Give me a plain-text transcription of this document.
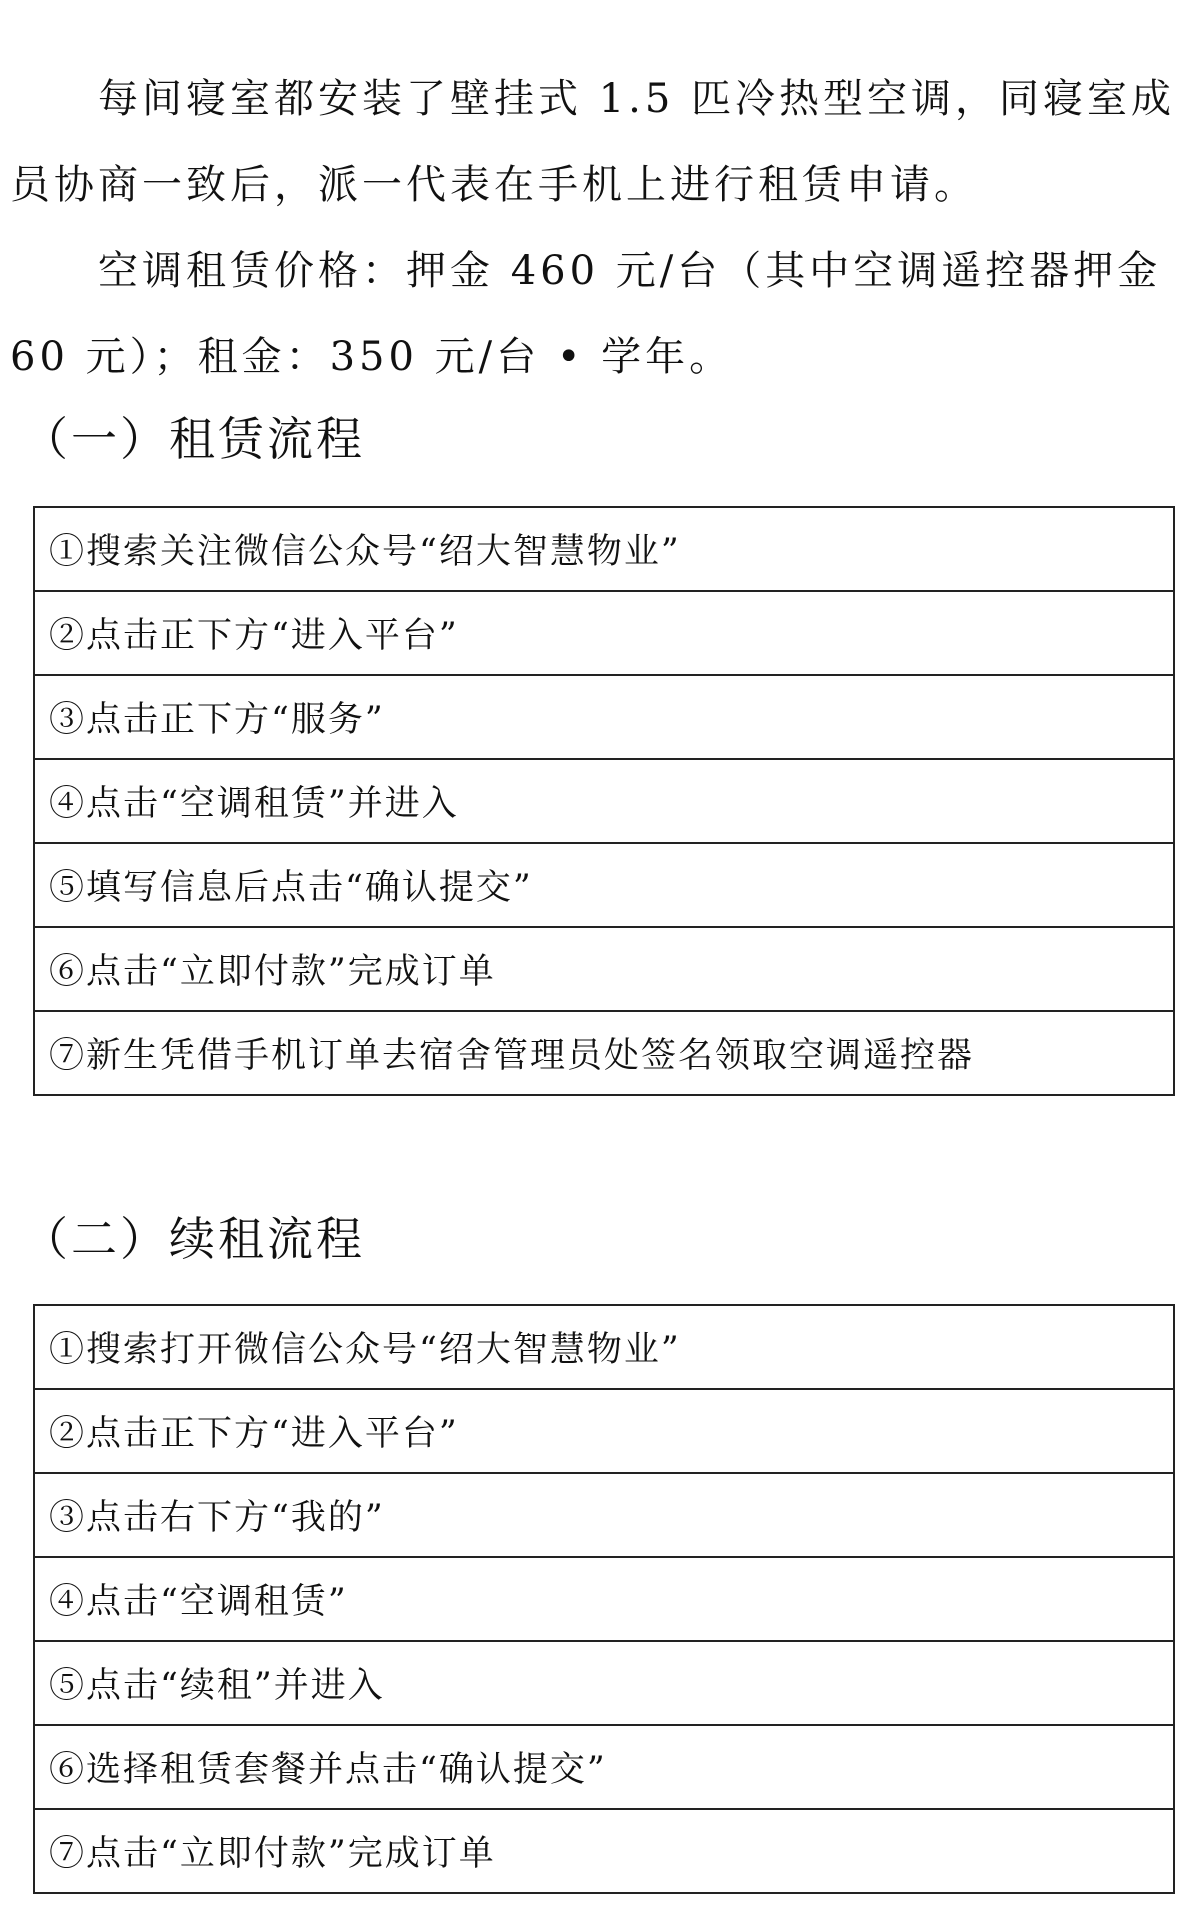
每间寝室都安装了壁挂式 1.5 匹冷热型空调，同寝室成员协商一致后，派一代表在手机上进行租赁申请。

空调租赁价格：押金 460 元/台（其中空调遥控器押金 60 元）；租金：350 元/台 • 学年。

（一）租赁流程
①搜索关注微信公众号“绍大智慧物业”
②点击正下方“进入平台”
③点击正下方“服务”
④点击“空调租赁”并进入
⑤填写信息后点击“确认提交”
⑥点击“立即付款”完成订单
⑦新生凭借手机订单去宿舍管理员处签名领取空调遥控器
（二）续租流程
①搜索打开微信公众号“绍大智慧物业”
②点击正下方“进入平台”
③点击右下方“我的”
④点击“空调租赁”
⑤点击“续租”并进入
⑥选择租赁套餐并点击“确认提交”
⑦点击“立即付款”完成订单
